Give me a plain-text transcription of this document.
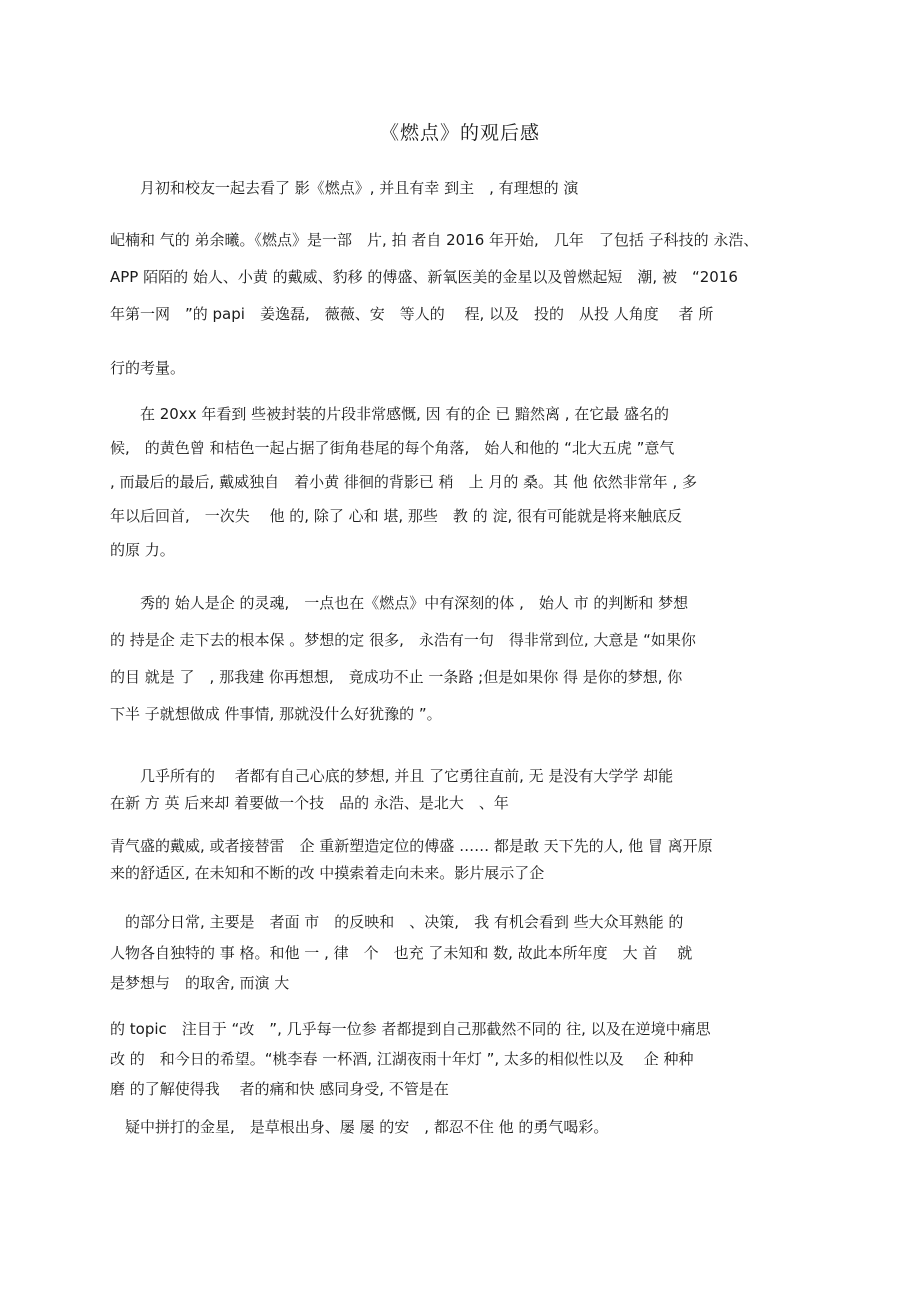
《燃点》的观后感
　　月初和校友一起去看了 影《燃点》, 并且有幸 到主　, 有理想的 演
屺楠和 气的 弟余曦。《燃点》是一部　片, 拍 者自 2016 年开始,　几年　了包括 子科技的 永浩、
APP 陌陌的 始人、小黄 的戴威、豹移 的傅盛、新氧医美的金星以及曾燃起短　潮, 被　“2016
年第一网　”的 papi　姜逸磊,　薇薇、安　等人的　 程, 以及　投的　从投 人角度　 者 所
行的考量。
　　在 20xx 年看到 些被封装的片段非常感慨, 因 有的企 已 黯然离 , 在它最 盛名的
候,　的黄色曾 和桔色一起占据了街角巷尾的每个角落,　始人和他的 “北大五虎 ”意气
, 而最后的最后, 戴威独自　着小黄 徘徊的背影已 稍　上 月的 桑。其 他 依然非常年 , 多
年以后回首,　一次失　 他 的, 除了 心和 堪, 那些　教 的 淀, 很有可能就是将来触底反
的原 力。
　　秀的 始人是企 的灵魂,　一点也在《燃点》中有深刻的体 ,　始人 市 的判断和 梦想
的 持是企 走下去的根本保 。梦想的定 很多,　永浩有一句　得非常到位, 大意是 “如果你
的目 就是 了　, 那我建 你再想想,　竟成功不止 一条路 ;但是如果你 得 是你的梦想, 你
下半 子就想做成 件事情, 那就没什么好犹豫的 ”。
　　几乎所有的　 者都有自己心底的梦想, 并且 了它勇往直前, 无 是没有大学学 却能
在新 方 英 后来却 着要做一个技　品的 永浩、是北大　、年
青气盛的戴威, 或者接替雷　企 重新塑造定位的傅盛 …… 都是敢 天下先的人, 他 冒 离开原
来的舒适区, 在未知和不断的改 中摸索着走向未来。影片展示了企
　的部分日常, 主要是　者面 市　的反映和　、决策,　我 有机会看到 些大众耳熟能 的
人物各自独特的 事 格。和他 一 , 律　个　也充 了未知和 数, 故此本所年度　大 首　 就
是梦想与　的取舍, 而演 大
的 topic　注目于 “改　”, 几乎每一位参 者都提到自己那截然不同的 往, 以及在逆境中痛思
改 的　和今日的希望。“桃李春 一杯酒, 江湖夜雨十年灯 ”, 太多的相似性以及　 企 种种
磨 的了解使得我　 者的痛和快 感同身受, 不管是在
　疑中拼打的金星,　是草根出身、屡 屡 的安　, 都忍不住 他 的勇气喝彩。
